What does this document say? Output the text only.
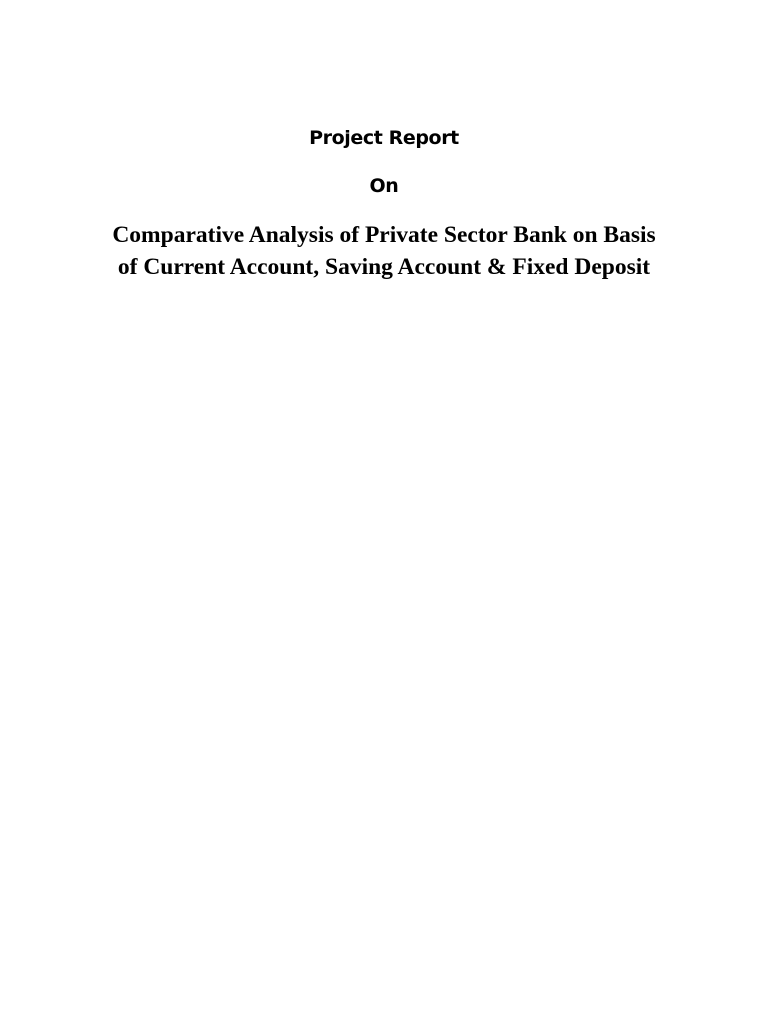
Project Report
On
Comparative Analysis of Private Sector Bank on Basis
of Current Account, Saving Account & Fixed Deposit
